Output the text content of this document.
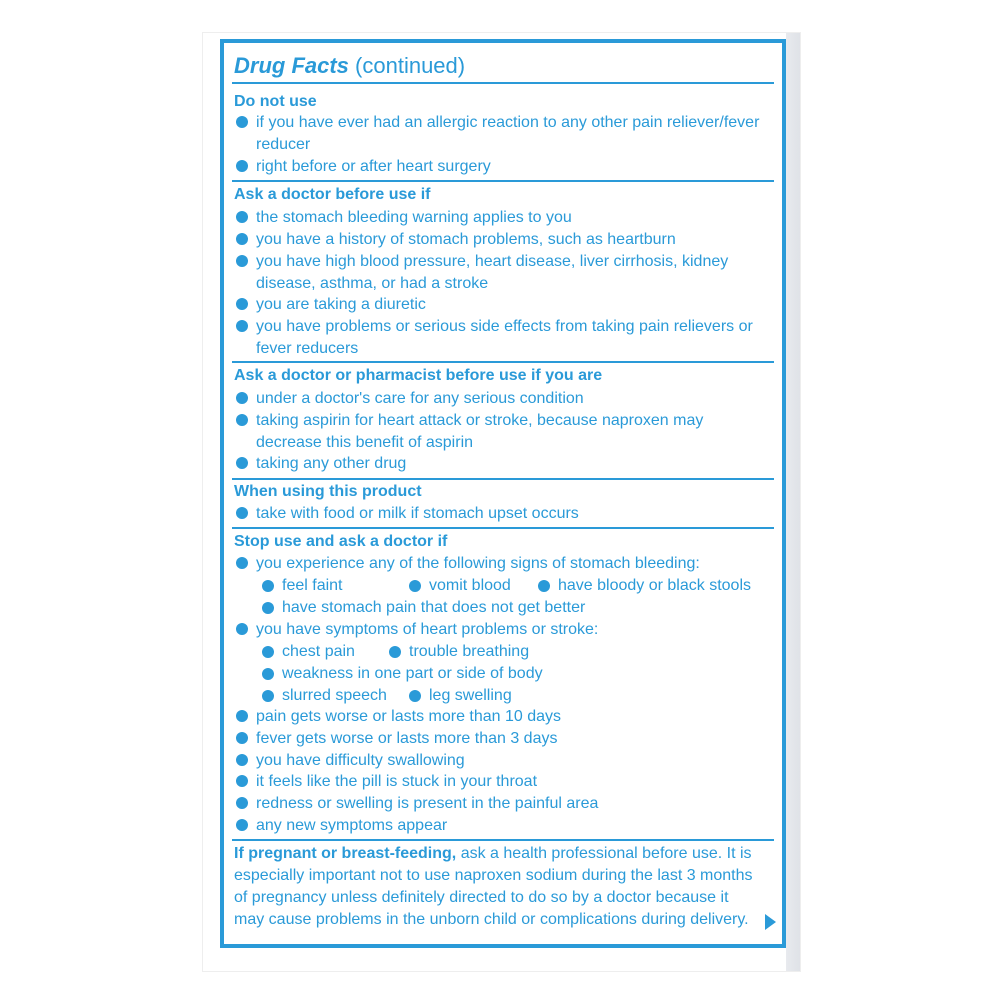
Drug Facts (continued)
Do not use
if you have ever had an allergic reaction to any other pain reliever/fever reducer
right before or after heart surgery
Ask a doctor before use if
the stomach bleeding warning applies to you
you have a history of stomach problems, such as heartburn
you have high blood pressure, heart disease, liver cirrhosis, kidney disease, asthma, or had a stroke
you are taking a diuretic
you have problems or serious side effects from taking pain relievers or fever reducers
Ask a doctor or pharmacist before use if you are
under a doctor's care for any serious condition
taking aspirin for heart attack or stroke, because naproxen may decrease this benefit of aspirin
taking any other drug
When using this product
take with food or milk if stomach upset occurs
Stop use and ask a doctor if
you experience any of the following signs of stomach bleeding:
feel faint	vomit blood	have bloody or black stools
have stomach pain that does not get better
you have symptoms of heart problems or stroke:
chest pain	trouble breathing
weakness in one part or side of body
slurred speech	leg swelling
pain gets worse or lasts more than 10 days
fever gets worse or lasts more than 3 days
you have difficulty swallowing
it feels like the pill is stuck in your throat
redness or swelling is present in the painful area
any new symptoms appear
If pregnant or breast-feeding, ask a health professional before use. It is especially important not to use naproxen sodium during the last 3 months of pregnancy unless definitely directed to do so by a doctor because it may cause problems in the unborn child or complications during delivery.
